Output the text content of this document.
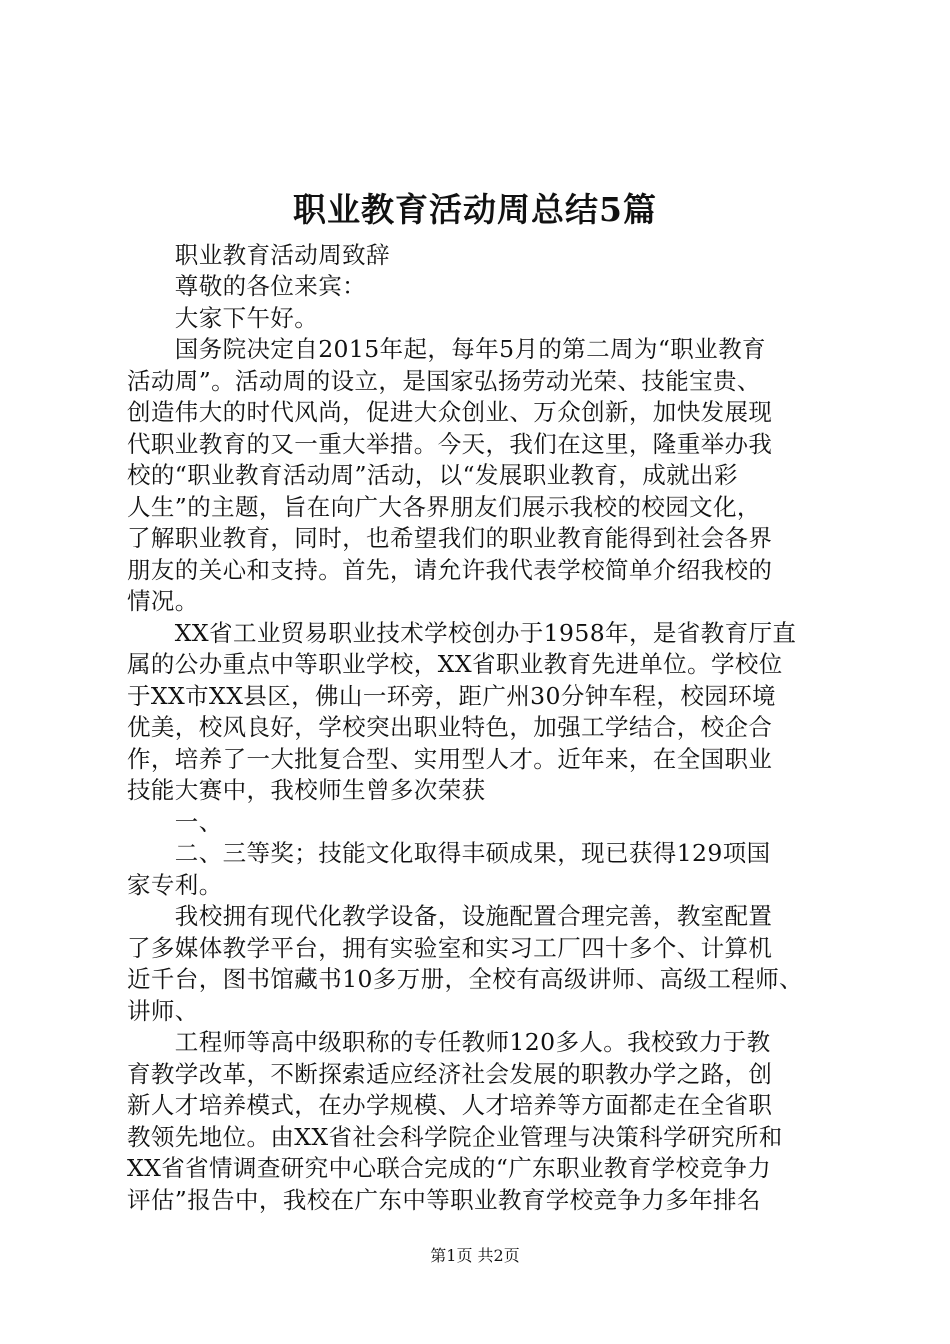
职业教育活动周总结5篇

　　职业教育活动周致辞

　　尊敬的各位来宾：

　　大家下午好。

　　国务院决定自2015年起，每年5月的第二周为“职业教育

活动周”。活动周的设立，是国家弘扬劳动光荣、技能宝贵、

创造伟大的时代风尚，促进大众创业、万众创新，加快发展现

代职业教育的又一重大举措。今天，我们在这里，隆重举办我

校的“职业教育活动周”活动，以“发展职业教育，成就出彩

人生”的主题，旨在向广大各界朋友们展示我校的校园文化，

了解职业教育，同时，也希望我们的职业教育能得到社会各界

朋友的关心和支持。首先，请允许我代表学校简单介绍我校的

情况。

　　XX省工业贸易职业技术学校创办于1958年，是省教育厅直

属的公办重点中等职业学校，XX省职业教育先进单位。学校位

于XX市XX县区，佛山一环旁，距广州30分钟车程，校园环境

优美，校风良好，学校突出职业特色，加强工学结合，校企合

作，培养了一大批复合型、实用型人才。近年来，在全国职业

技能大赛中，我校师生曾多次荣获

　　一、

　　二、三等奖；技能文化取得丰硕成果，现已获得129项国

家专利。

　　我校拥有现代化教学设备，设施配置合理完善，教室配置

了多媒体教学平台，拥有实验室和实习工厂四十多个、计算机

近千台，图书馆藏书10多万册，全校有高级讲师、高级工程师、

讲师、

　　工程师等高中级职称的专任教师120多人。我校致力于教

育教学改革，不断探索适应经济社会发展的职教办学之路，创

新人才培养模式，在办学规模、人才培养等方面都走在全省职

教领先地位。由XX省社会科学院企业管理与决策科学研究所和

XX省省情调查研究中心联合完成的“广东职业教育学校竞争力

评估”报告中，我校在广东中等职业教育学校竞争力多年排名

第1页 共2页
